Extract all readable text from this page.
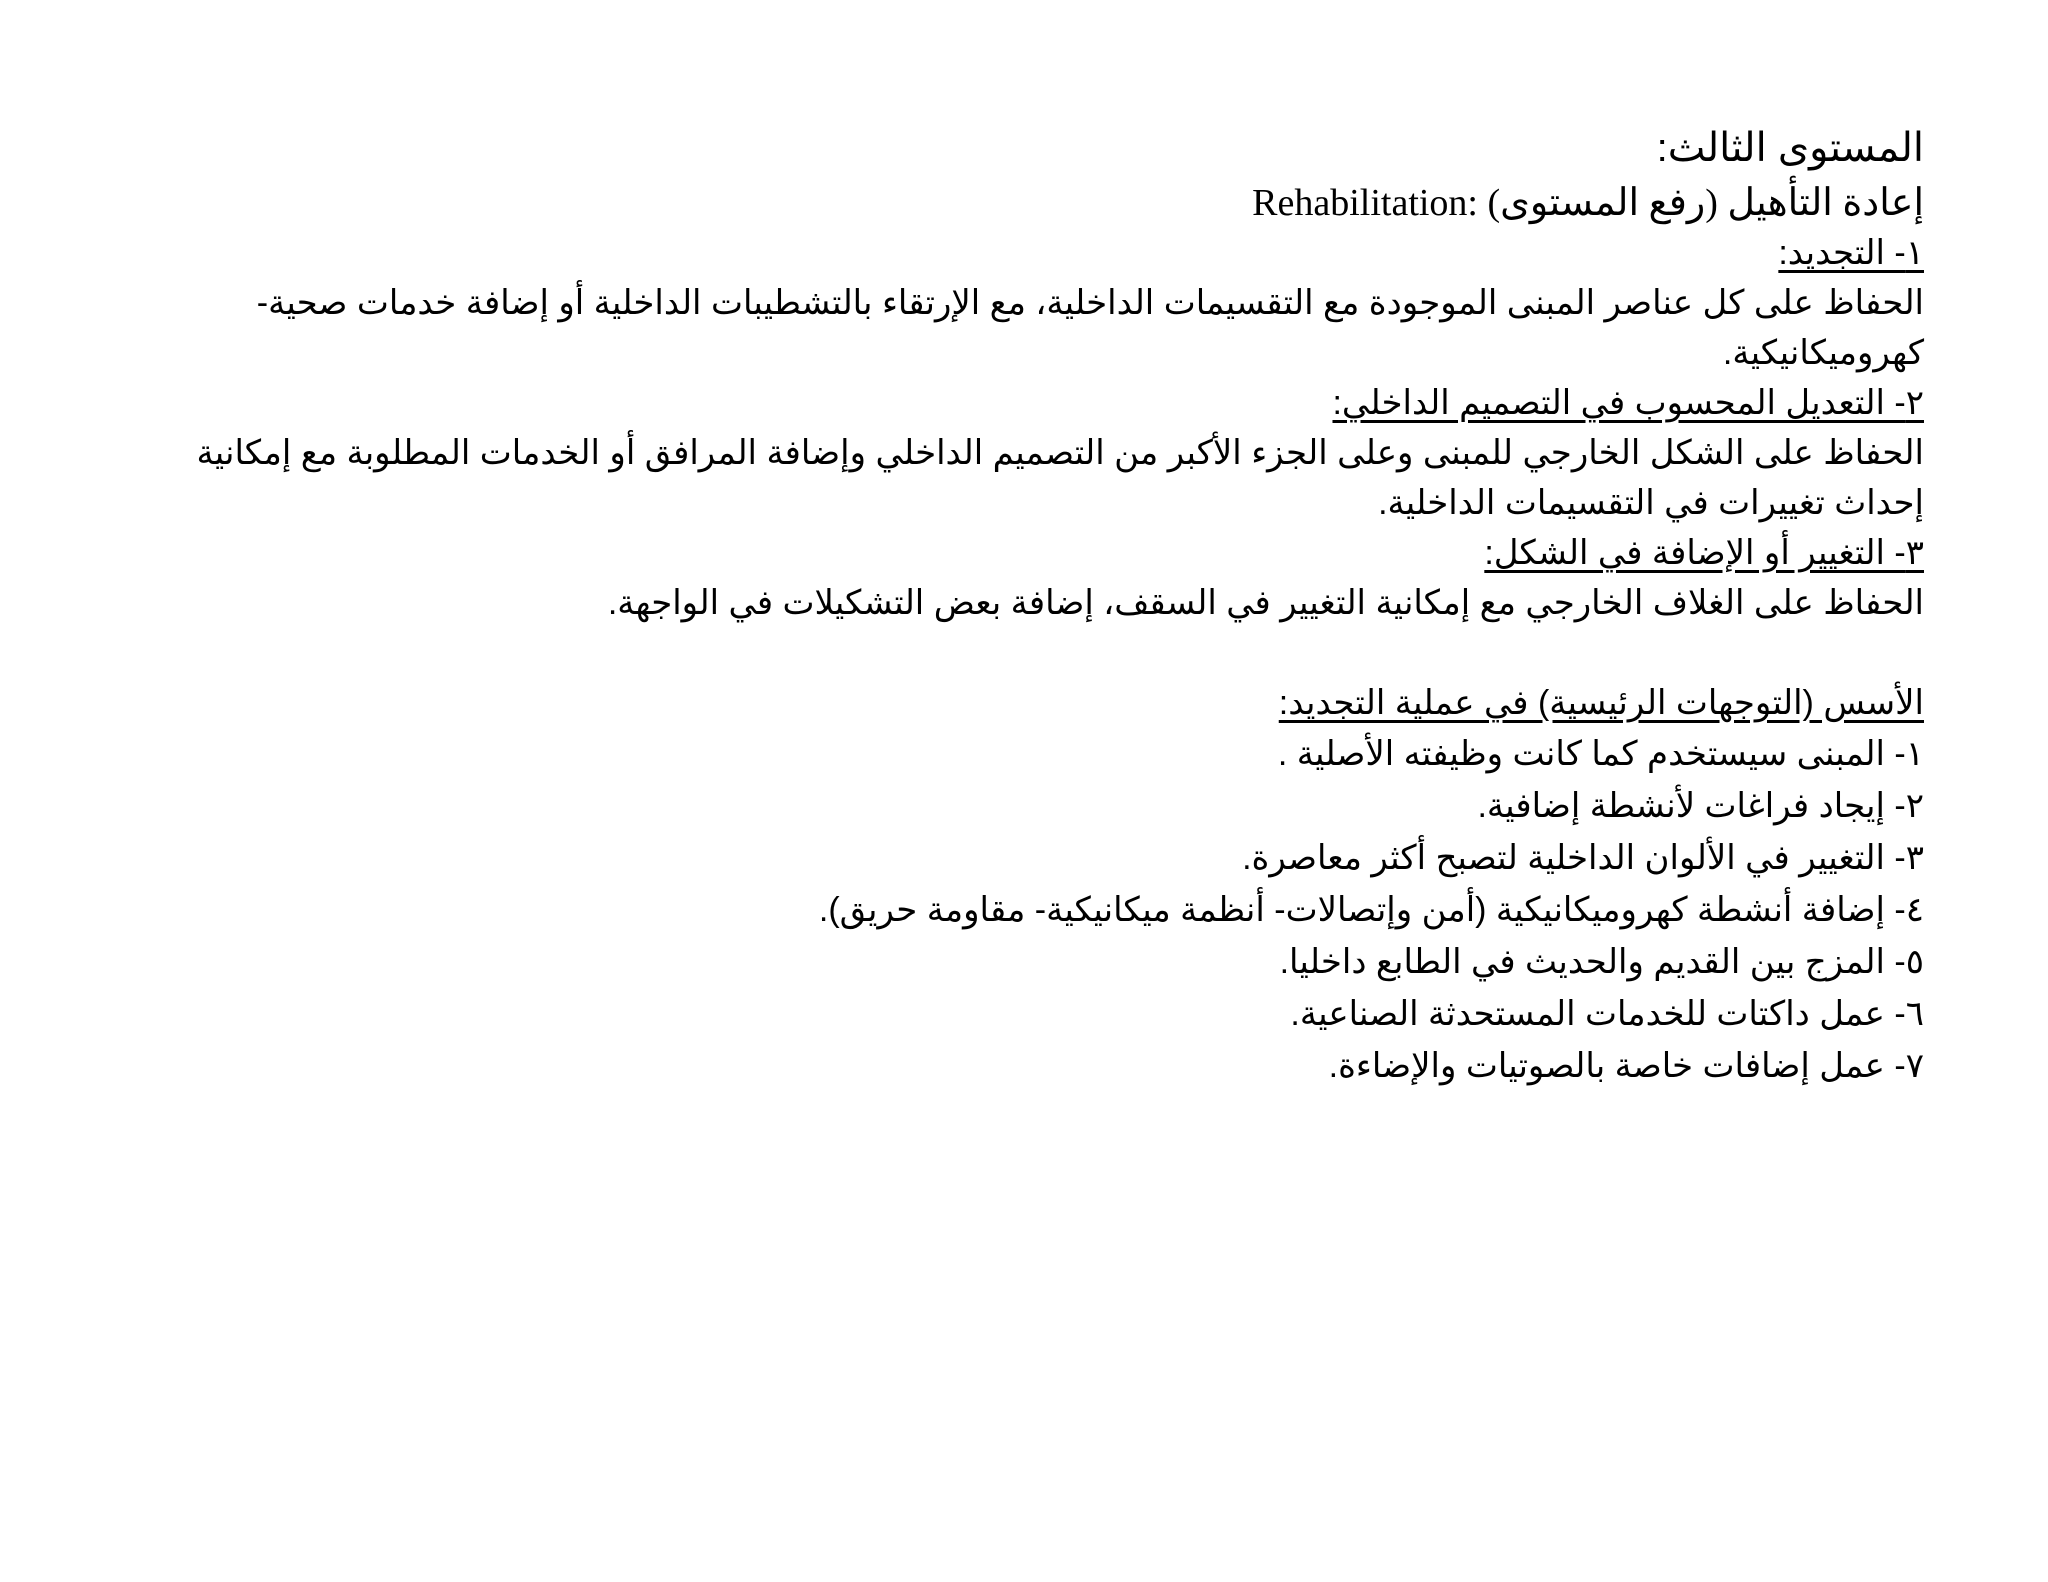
المستوى الثالث:

إعادة التأهيل (رفع المستوى) Rehabilitation:

١- التجديد:

الحفاظ على كل عناصر المبنى الموجودة مع التقسيمات الداخلية، مع الإرتقاء بالتشطيبات الداخلية أو إضافة خدمات صحية- كهروميكانيكية.

٢- التعديل المحسوب في التصميم الداخلي:

الحفاظ على الشكل الخارجي للمبنى وعلى الجزء الأكبر من التصميم الداخلي وإضافة المرافق أو الخدمات المطلوبة مع إمكانية إحداث تغييرات في التقسيمات الداخلية.

٣- التغيير أو الإضافة في الشكل:

الحفاظ على الغلاف الخارجي مع إمكانية التغيير في السقف، إضافة بعض التشكيلات في الواجهة.

الأسس (التوجهات الرئيسية) في عملية التجديد:

١- المبنى سيستخدم كما كانت وظيفته الأصلية .
٢- إيجاد فراغات لأنشطة إضافية.
٣- التغيير في الألوان الداخلية لتصبح أكثر معاصرة.
٤- إضافة أنشطة كهروميكانيكية (أمن وإتصالات- أنظمة ميكانيكية- مقاومة حريق).
٥- المزج بين القديم والحديث في الطابع داخليا.
٦- عمل داكتات للخدمات المستحدثة الصناعية.
٧- عمل إضافات خاصة بالصوتيات والإضاءة.
